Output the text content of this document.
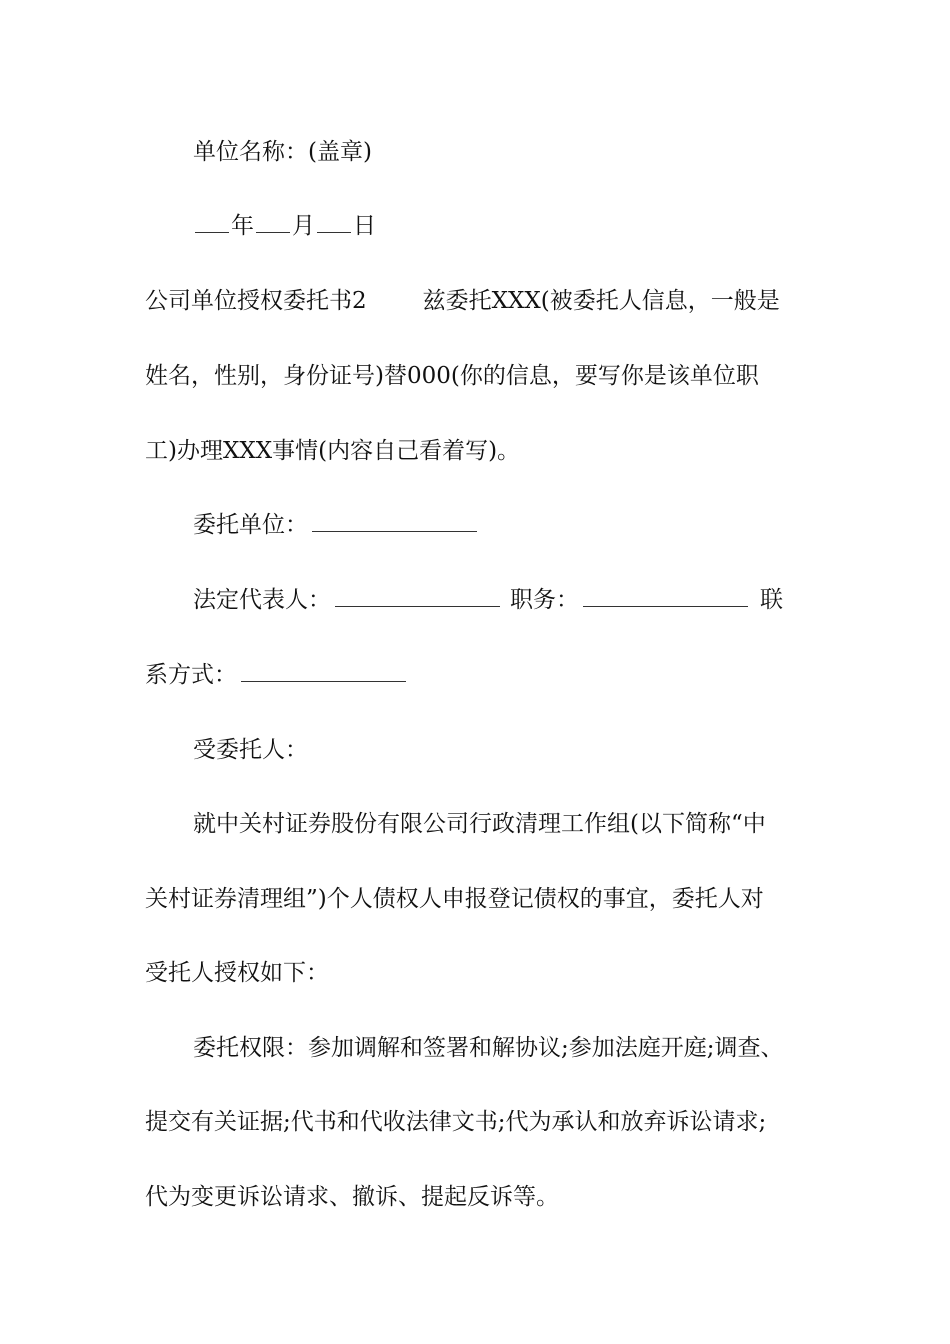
单位名称：(盖章)
年 月 日
公司单位授权委托书2 兹委托XXX(被委托人信息，一般是
姓名，性别，身份证号)替000(你的信息，要写你是该单位职
工)办理XXX事情(内容自己看着写)。
委托单位：
法定代表人：	职务：	联
系方式：
受委托人：
就中关村证券股份有限公司行政清理工作组(以下简称“中
关村证券清理组”)个人债权人申报登记债权的事宜，委托人对
受托人授权如下：
委托权限：参加调解和签署和解协议;参加法庭开庭;调查、
提交有关证据;代书和代收法律文书;代为承认和放弃诉讼请求;
代为变更诉讼请求、撤诉、提起反诉等。
